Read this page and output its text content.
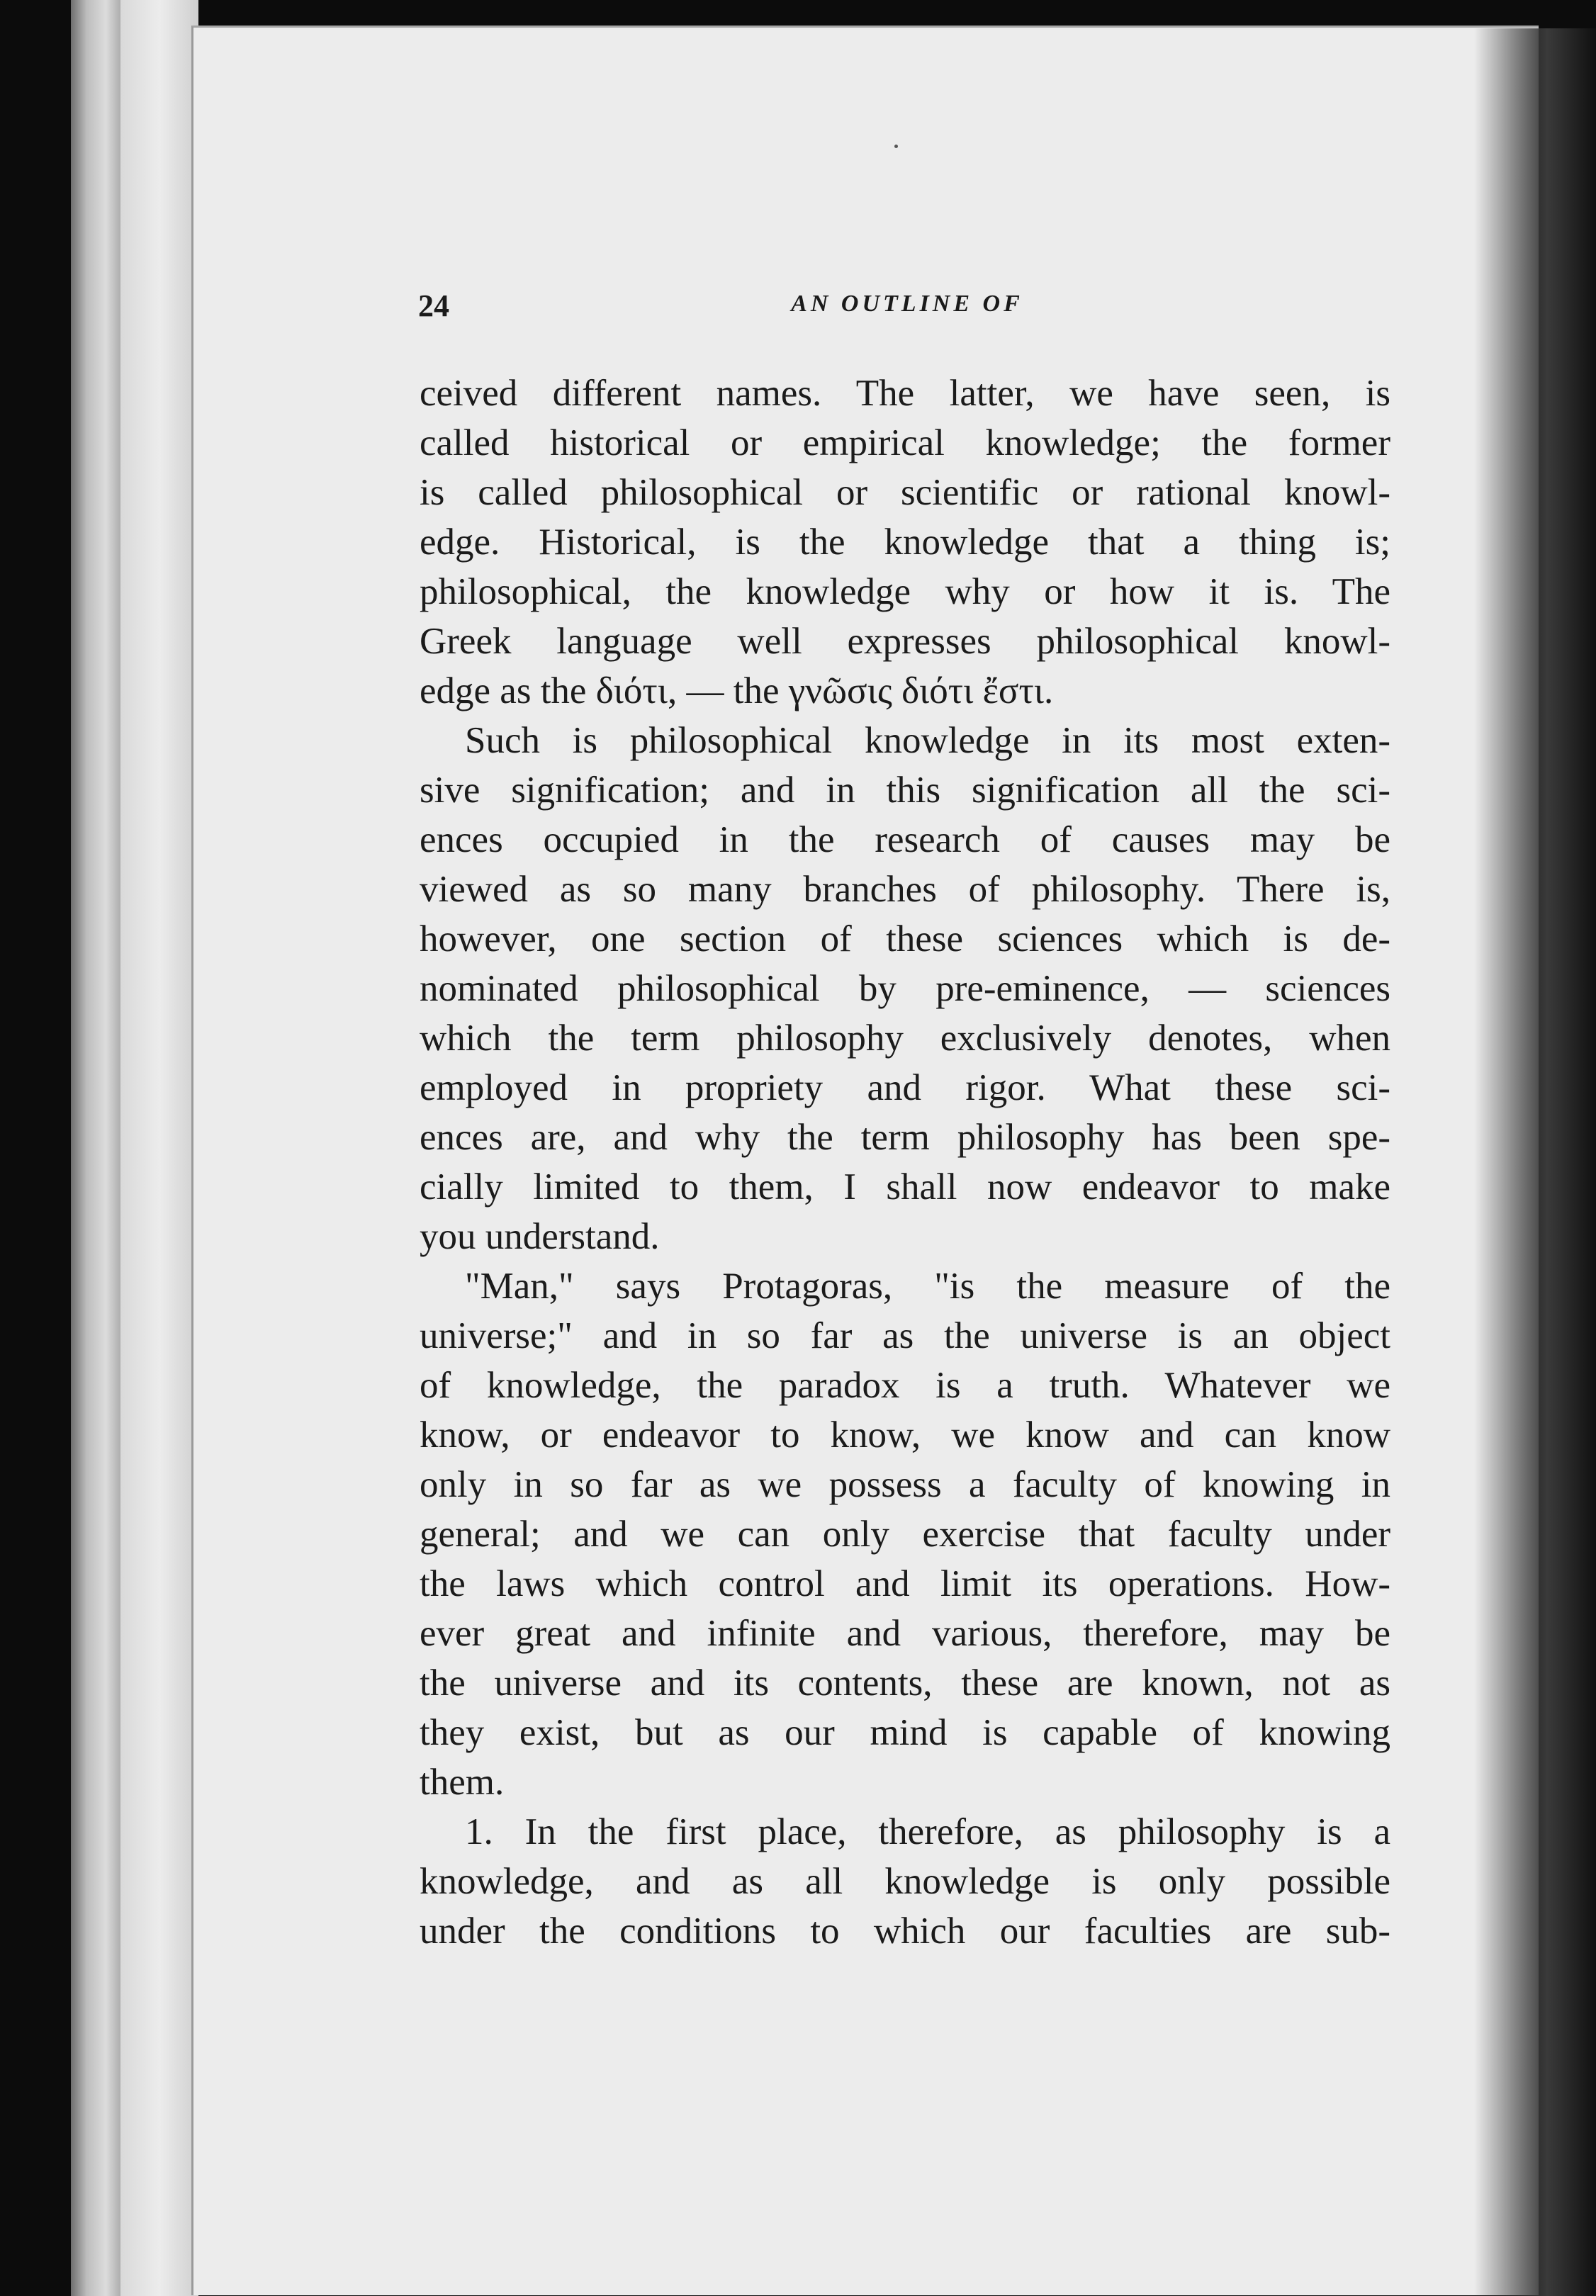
24	AN OUTLINE OF
ceived different names. The latter, we have seen, is
called historical or empirical knowledge; the former
is called philosophical or scientific or rational knowl-
edge. Historical, is the knowledge that a thing is;
philosophical, the knowledge why or how it is. The
Greek language well expresses philosophical knowl-
edge as the διότι, — the γνῶσις διότι ἔστι.
Such is philosophical knowledge in its most exten-
sive signification; and in this signification all the sci-
ences occupied in the research of causes may be
viewed as so many branches of philosophy. There is,
however, one section of these sciences which is de-
nominated philosophical by pre-eminence, — sciences
which the term philosophy exclusively denotes, when
employed in propriety and rigor. What these sci-
ences are, and why the term philosophy has been spe-
cially limited to them, I shall now endeavor to make
you understand.
"Man," says Protagoras, "is the measure of the
universe;" and in so far as the universe is an object
of knowledge, the paradox is a truth. Whatever we
know, or endeavor to know, we know and can know
only in so far as we possess a faculty of knowing in
general; and we can only exercise that faculty under
the laws which control and limit its operations. How-
ever great and infinite and various, therefore, may be
the universe and its contents, these are known, not as
they exist, but as our mind is capable of knowing
them.
1. In the first place, therefore, as philosophy is a
knowledge, and as all knowledge is only possible
under the conditions to which our faculties are sub-
